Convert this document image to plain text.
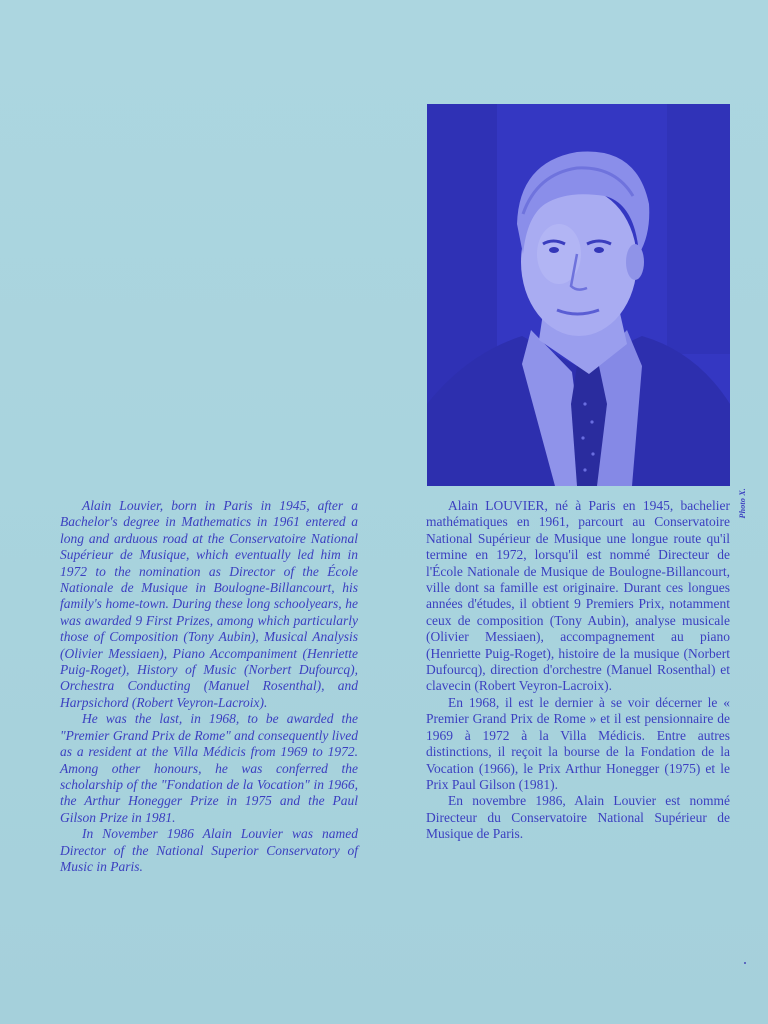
Photo X.

Alain Louvier, born in Paris in 1945, after a Bachelor's degree in Mathematics in 1961 entered a long and arduous road at the Conservatoire National Supérieur de Musique, which eventually led him in 1972 to the nomination as Director of the École Nationale de Musique in Boulogne-Billancourt, his family's home-town. During these long schoolyears, he was awarded 9 First Prizes, among which particularly those of Composition (Tony Aubin), Musical Analysis (Olivier Messiaen), Piano Accompaniment (Henriette Puig-Roget), History of Music (Norbert Dufourcq), Orchestra Conducting (Manuel Rosenthal), and Harpsichord (Robert Veyron-Lacroix).

He was the last, in 1968, to be awarded the "Premier Grand Prix de Rome" and consequently lived as a resident at the Villa Médicis from 1969 to 1972. Among other honours, he was conferred the scholarship of the "Fondation de la Vocation" in 1966, the Arthur Honegger Prize in 1975 and the Paul Gilson Prize in 1981.

In November 1986 Alain Louvier was named Director of the National Superior Conservatory of Music in Paris.

Alain LOUVIER, né à Paris en 1945, bachelier mathématiques en 1961, parcourt au Conservatoire National Supérieur de Musique une longue route qu'il termine en 1972, lorsqu'il est nommé Directeur de l'École Nationale de Musique de Boulogne-Billancourt, ville dont sa famille est originaire. Durant ces longues années d'études, il obtient 9 Premiers Prix, notamment ceux de composition (Tony Aubin), analyse musicale (Olivier Messiaen), accompagnement au piano (Henriette Puig-Roget), histoire de la musique (Norbert Dufourcq), direction d'orchestre (Manuel Rosenthal) et clavecin (Robert Veyron-Lacroix).

En 1968, il est le dernier à se voir décerner le « Premier Grand Prix de Rome » et il est pensionnaire de 1969 à 1972 à la Villa Médicis. Entre autres distinctions, il reçoit la bourse de la Fondation de la Vocation (1966), le Prix Arthur Honegger (1975) et le Prix Paul Gilson (1981).

En novembre 1986, Alain Louvier est nommé Directeur du Conservatoire National Supérieur de Musique de Paris.
